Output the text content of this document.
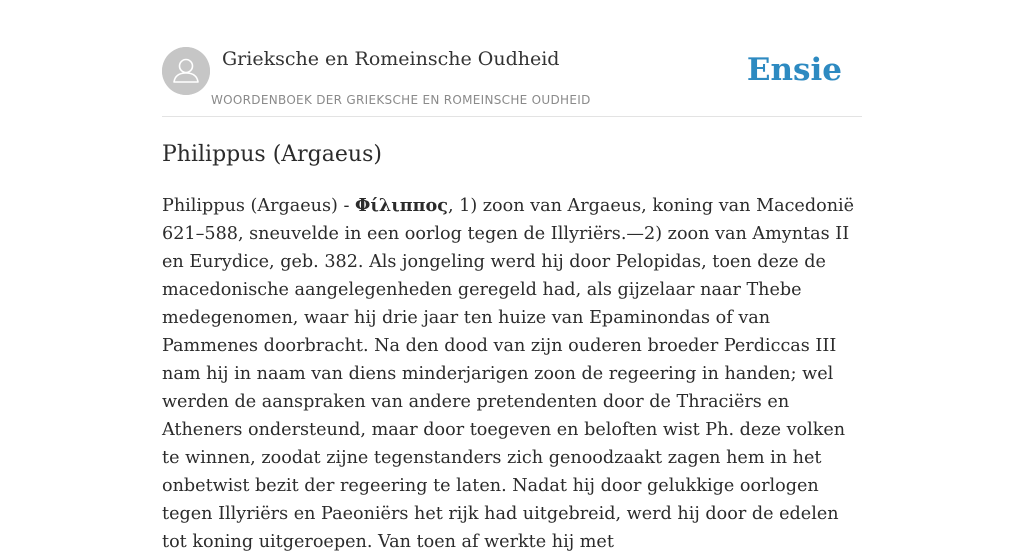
Grieksche en Romeinsche Oudheid
WOORDENBOEK DER GRIEKSCHE EN ROMEINSCHE OUDHEID
Ensie
Philippus (Argaeus)

Philippus (Argaeus) - Φίλιππος, 1) zoon van Argaeus, koning van Macedonië 621–588, sneuvelde in een oorlog tegen de Illyriërs.—2) zoon van Amyntas II en Eurydice, geb. 382. Als jongeling werd hij door Pelopidas, toen deze de macedonische aangelegenheden geregeld had, als gijzelaar naar Thebe medegenomen, waar hij drie jaar ten huize van Epaminondas of van Pammenes doorbracht. Na den dood van zijn ouderen broeder Perdiccas III nam hij in naam van diens minderjarigen zoon de regeering in handen; wel werden de aanspraken van andere pretendenten door de Thraciërs en Atheners ondersteund, maar door toegeven en beloften wist Ph. deze volken te winnen, zoodat zijne tegenstanders zich genoodzaakt zagen hem in het onbetwist bezit der regeering te laten. Nadat hij door gelukkige oorlogen tegen Illyriërs en Paeoniërs het rijk had uitgebreid, werd hij door de edelen tot koning uitgeroepen. Van toen af werkte hij met
